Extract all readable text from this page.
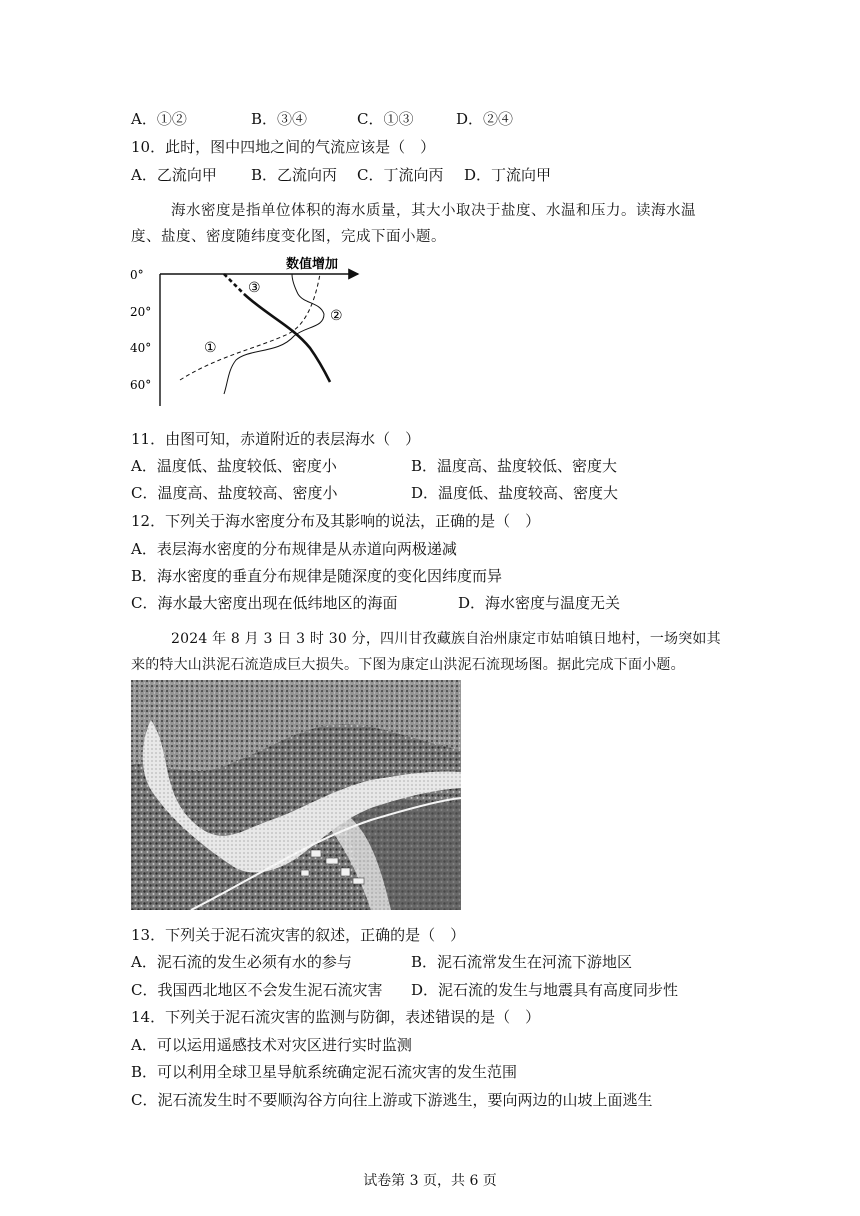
A．①②	B．③④	C．①③	D．②④
10．此时，图中四地之间的气流应该是（　）
A．乙流向甲 B．乙流向丙 C．丁流向丙 D．丁流向甲
海水密度是指单位体积的海水质量，其大小取决于盐度、水温和压力。读海水温
度、盐度、密度随纬度变化图，完成下面小题。
数值增加
0°
20°
40°
60°
①
②
③
11．由图可知，赤道附近的表层海水（　）
A．温度低、盐度较低、密度小	B．温度高、盐度较低、密度大
C．温度高、盐度较高、密度小	D．温度低、盐度较高、密度大
12．下列关于海水密度分布及其影响的说法，正确的是（　）
A．表层海水密度的分布规律是从赤道向两极递减
B．海水密度的垂直分布规律是随深度的变化因纬度而异
C．海水最大密度出现在低纬地区的海面	D．海水密度与温度无关
2024 年 8 月 3 日 3 时 30 分，四川甘孜藏族自治州康定市姑咱镇日地村，一场突如其
来的特大山洪泥石流造成巨大损失。下图为康定山洪泥石流现场图。据此完成下面小题。
13．下列关于泥石流灾害的叙述，正确的是（　）
A．泥石流的发生必须有水的参与	B．泥石流常发生在河流下游地区
C．我国西北地区不会发生泥石流灾害 D．泥石流的发生与地震具有高度同步性
14．下列关于泥石流灾害的监测与防御，表述错误的是（　）
A．可以运用遥感技术对灾区进行实时监测
B．可以利用全球卫星导航系统确定泥石流灾害的发生范围
C．泥石流发生时不要顺沟谷方向往上游或下游逃生，要向两边的山坡上面逃生
试卷第 3 页，共 6 页
